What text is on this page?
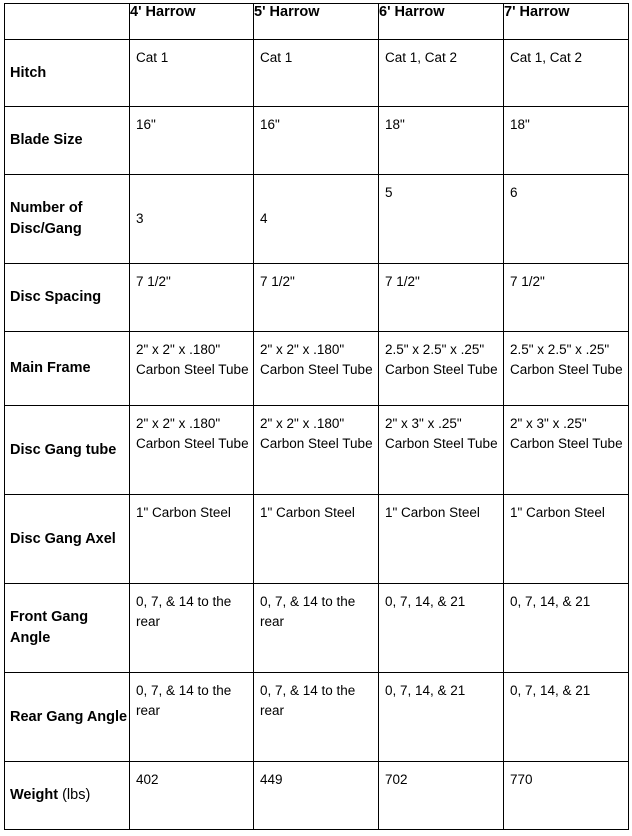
	4' Harrow	5' Harrow	6' Harrow	7' Harrow
Hitch	Cat 1	Cat 1	Cat 1, Cat 2	Cat 1, Cat 2
Blade Size	16"	16"	18"	18"
Number of Disc/Gang	3	4	5	6
Disc Spacing	7 1/2"	7 1/2"	7 1/2"	7 1/2"
Main Frame	2" x 2" x .180" Carbon Steel Tube	2" x 2" x .180" Carbon Steel Tube	2.5" x 2.5" x .25" Carbon Steel Tube	2.5" x 2.5" x .25" Carbon Steel Tube
Disc Gang tube	2" x 2" x .180" Carbon Steel Tube	2" x 2" x .180" Carbon Steel Tube	2" x 3" x .25" Carbon Steel Tube	2" x 3" x .25" Carbon Steel Tube
Disc Gang Axel	1" Carbon Steel	1" Carbon Steel	1" Carbon Steel	1" Carbon Steel
Front Gang Angle	0, 7, & 14 to the rear	0, 7, & 14 to the rear	0, 7, 14, & 21	0, 7, 14, & 21
Rear Gang Angle	0, 7, & 14 to the rear	0, 7, & 14 to the rear	0, 7, 14, & 21	0, 7, 14, & 21
Weight (lbs)	402	449	702	770
